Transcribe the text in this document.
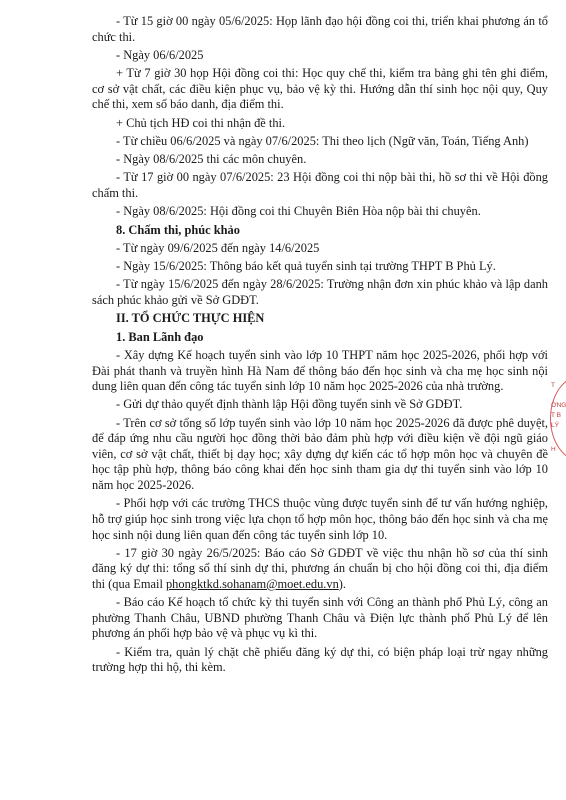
- Từ 15 giờ 00 ngày 05/6/2025: Họp lãnh đạo hội đồng coi thi, triển khai phương án tổ chức thi.

- Ngày 06/6/2025

+ Từ 7 giờ 30 họp Hội đồng coi thi: Học quy chế thi, kiểm tra bảng ghi tên ghi điểm, cơ sở vật chất, các điều kiện phục vụ, bảo vệ kỳ thi. Hướng dẫn thí sinh học nội quy, Quy chế thi, xem số báo danh, địa điểm thi.

+ Chủ tịch HĐ coi thi nhận đề thi.

- Từ chiều 06/6/2025 và ngày 07/6/2025: Thi theo lịch (Ngữ văn, Toán, Tiếng Anh)

- Ngày 08/6/2025 thi các môn chuyên.

- Từ 17 giờ 00 ngày 07/6/2025: 23 Hội đồng coi thi nộp bài thi, hồ sơ thi về Hội đồng chấm thi.

- Ngày 08/6/2025: Hội đồng coi thi Chuyên Biên Hòa nộp bài thi chuyên.

8. Chấm thi, phúc khảo

- Từ ngày 09/6/2025 đến ngày 14/6/2025

- Ngày 15/6/2025: Thông báo kết quả tuyển sinh tại trường THPT B Phủ Lý.

- Từ ngày 15/6/2025 đến ngày 28/6/2025: Trường nhận đơn xin phúc khảo và lập danh sách phúc khảo gửi về Sở GDĐT.

II. TỔ CHỨC THỰC HIỆN

1. Ban Lãnh đạo

- Xây dựng Kế hoạch tuyển sinh vào lớp 10 THPT năm học 2025-2026, phối hợp với Đài phát thanh và truyền hình Hà Nam để thông báo đến học sinh và cha mẹ học sinh nội dung liên quan đến công tác tuyển sinh lớp 10 năm học 2025-2026 của nhà trường.

- Gửi dự thảo quyết định thành lập Hội đồng tuyển sinh về Sở GDĐT.

- Trên cơ sở tổng số lớp tuyển sinh vào lớp 10 năm học 2025-2026 đã được phê duyệt, để đáp ứng nhu cầu người học đồng thời bảo đảm phù hợp với điều kiện về đội ngũ giáo viên, cơ sở vật chất, thiết bị dạy học; xây dựng dự kiến các tổ hợp môn học và chuyên đề học tập phù hợp, thông báo công khai đến học sinh tham gia dự thi tuyển sinh vào lớp 10 năm học 2025-2026.

- Phối hợp với các trường THCS thuộc vùng được tuyển sinh để tư vấn hướng nghiệp, hỗ trợ giúp học sinh trong việc lựa chọn tổ hợp môn học, thông báo đến học sinh và cha mẹ học sinh nội dung liên quan đến công tác tuyển sinh lớp 10.

- 17 giờ 30 ngày 26/5/2025: Báo cáo Sở GDĐT về việc thu nhận hồ sơ của thí sinh đăng ký dự thi: tổng số thí sinh dự thi, phương án chuẩn bị cho hội đồng coi thi, địa điểm thi (qua Email phongktkd.sohanam@moet.edu.vn).

- Báo cáo Kế hoạch tổ chức kỳ thi tuyển sinh với Công an thành phố Phủ Lý, công an phường Thanh Châu, UBND phường Thanh Châu và Điện lực thành phố Phủ Lý để lên phương án phối hợp bảo vệ và phục vụ kì thi.

- Kiểm tra, quản lý chặt chẽ phiếu đăng ký dự thi, có biện pháp loại trừ ngay những trường hợp thi hộ, thi kèm.

T
ỜNG
T B
LÝ
H
